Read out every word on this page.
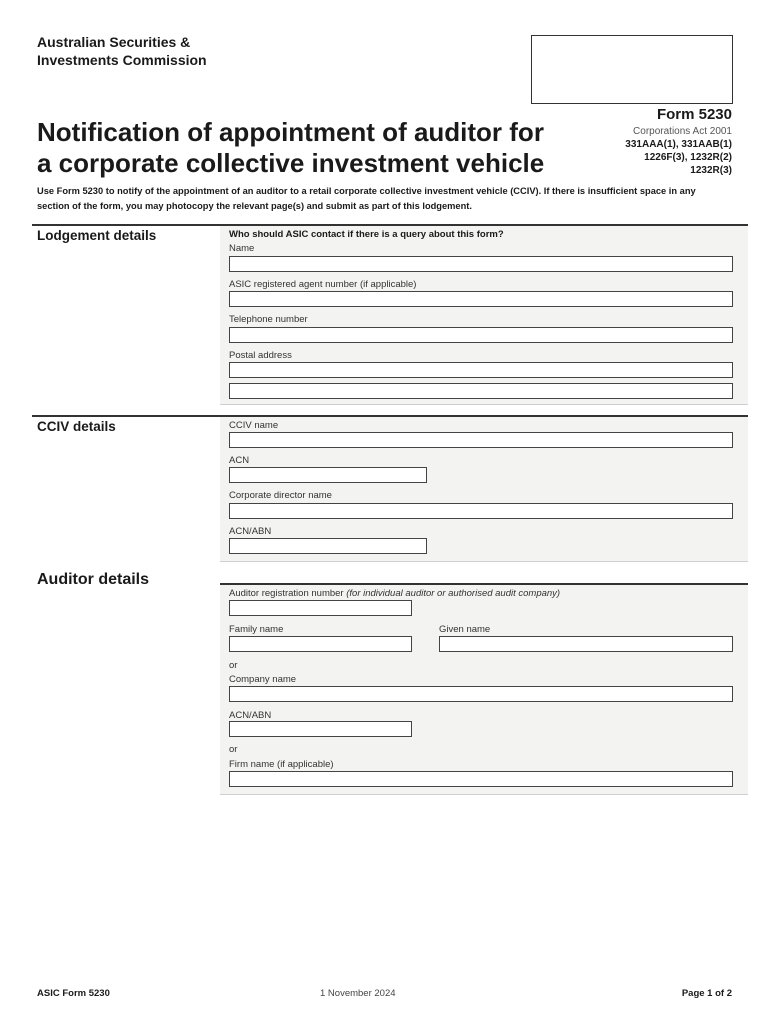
Australian Securities &
Investments Commission

Form 5230

Corporations Act 2001
331AAA(1), 331AAB(1)
1226F(3), 1232R(2)
1232R(3)
Notification of appointment of auditor for
a corporate collective investment vehicle
Use Form 5230 to notify of the appointment of an auditor to a retail corporate collective investment vehicle (CCIV). If there is insufficient space in any
section of the form, you may photocopy the relevant page(s) and submit as part of this lodgement.

Lodgement details	Who should ASIC contact if there is a query about this form?

Name

ASIC registered agent number (if applicable)

Telephone number

Postal address

CCIV details	CCIV name

ACN

Corporate director name

ACN/ABN

Auditor details

Auditor registration number (for individual auditor or authorised audit company)

Family name	Given name

or

Company name

ACN/ABN

or

Firm name (if applicable)

ASIC Form 5230	1 November 2024	Page 1 of 2
